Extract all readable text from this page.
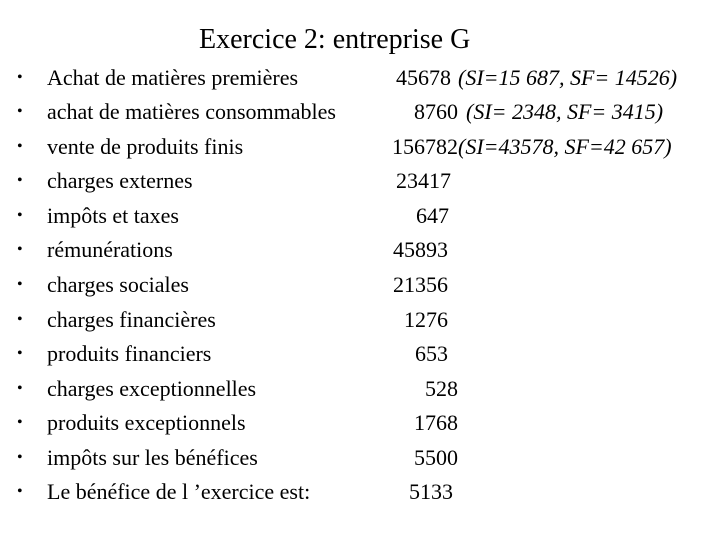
Exercice 2: entreprise G
• Achat de matières premières	45678 (SI=15 687, SF= 14526)
• achat de matières consommables	8760 (SI= 2348, SF= 3415)
• vente de produits finis	156782 (SI=43578, SF=42 657)
• charges externes	23417
• impôts et taxes	647
• rémunérations	45893
• charges sociales	21356
• charges financières	1276
• produits financiers	653
• charges exceptionnelles	528
• produits exceptionnels	1768
• impôts sur les bénéfices	5500
• Le bénéfice de l ’exercice est:	5133
